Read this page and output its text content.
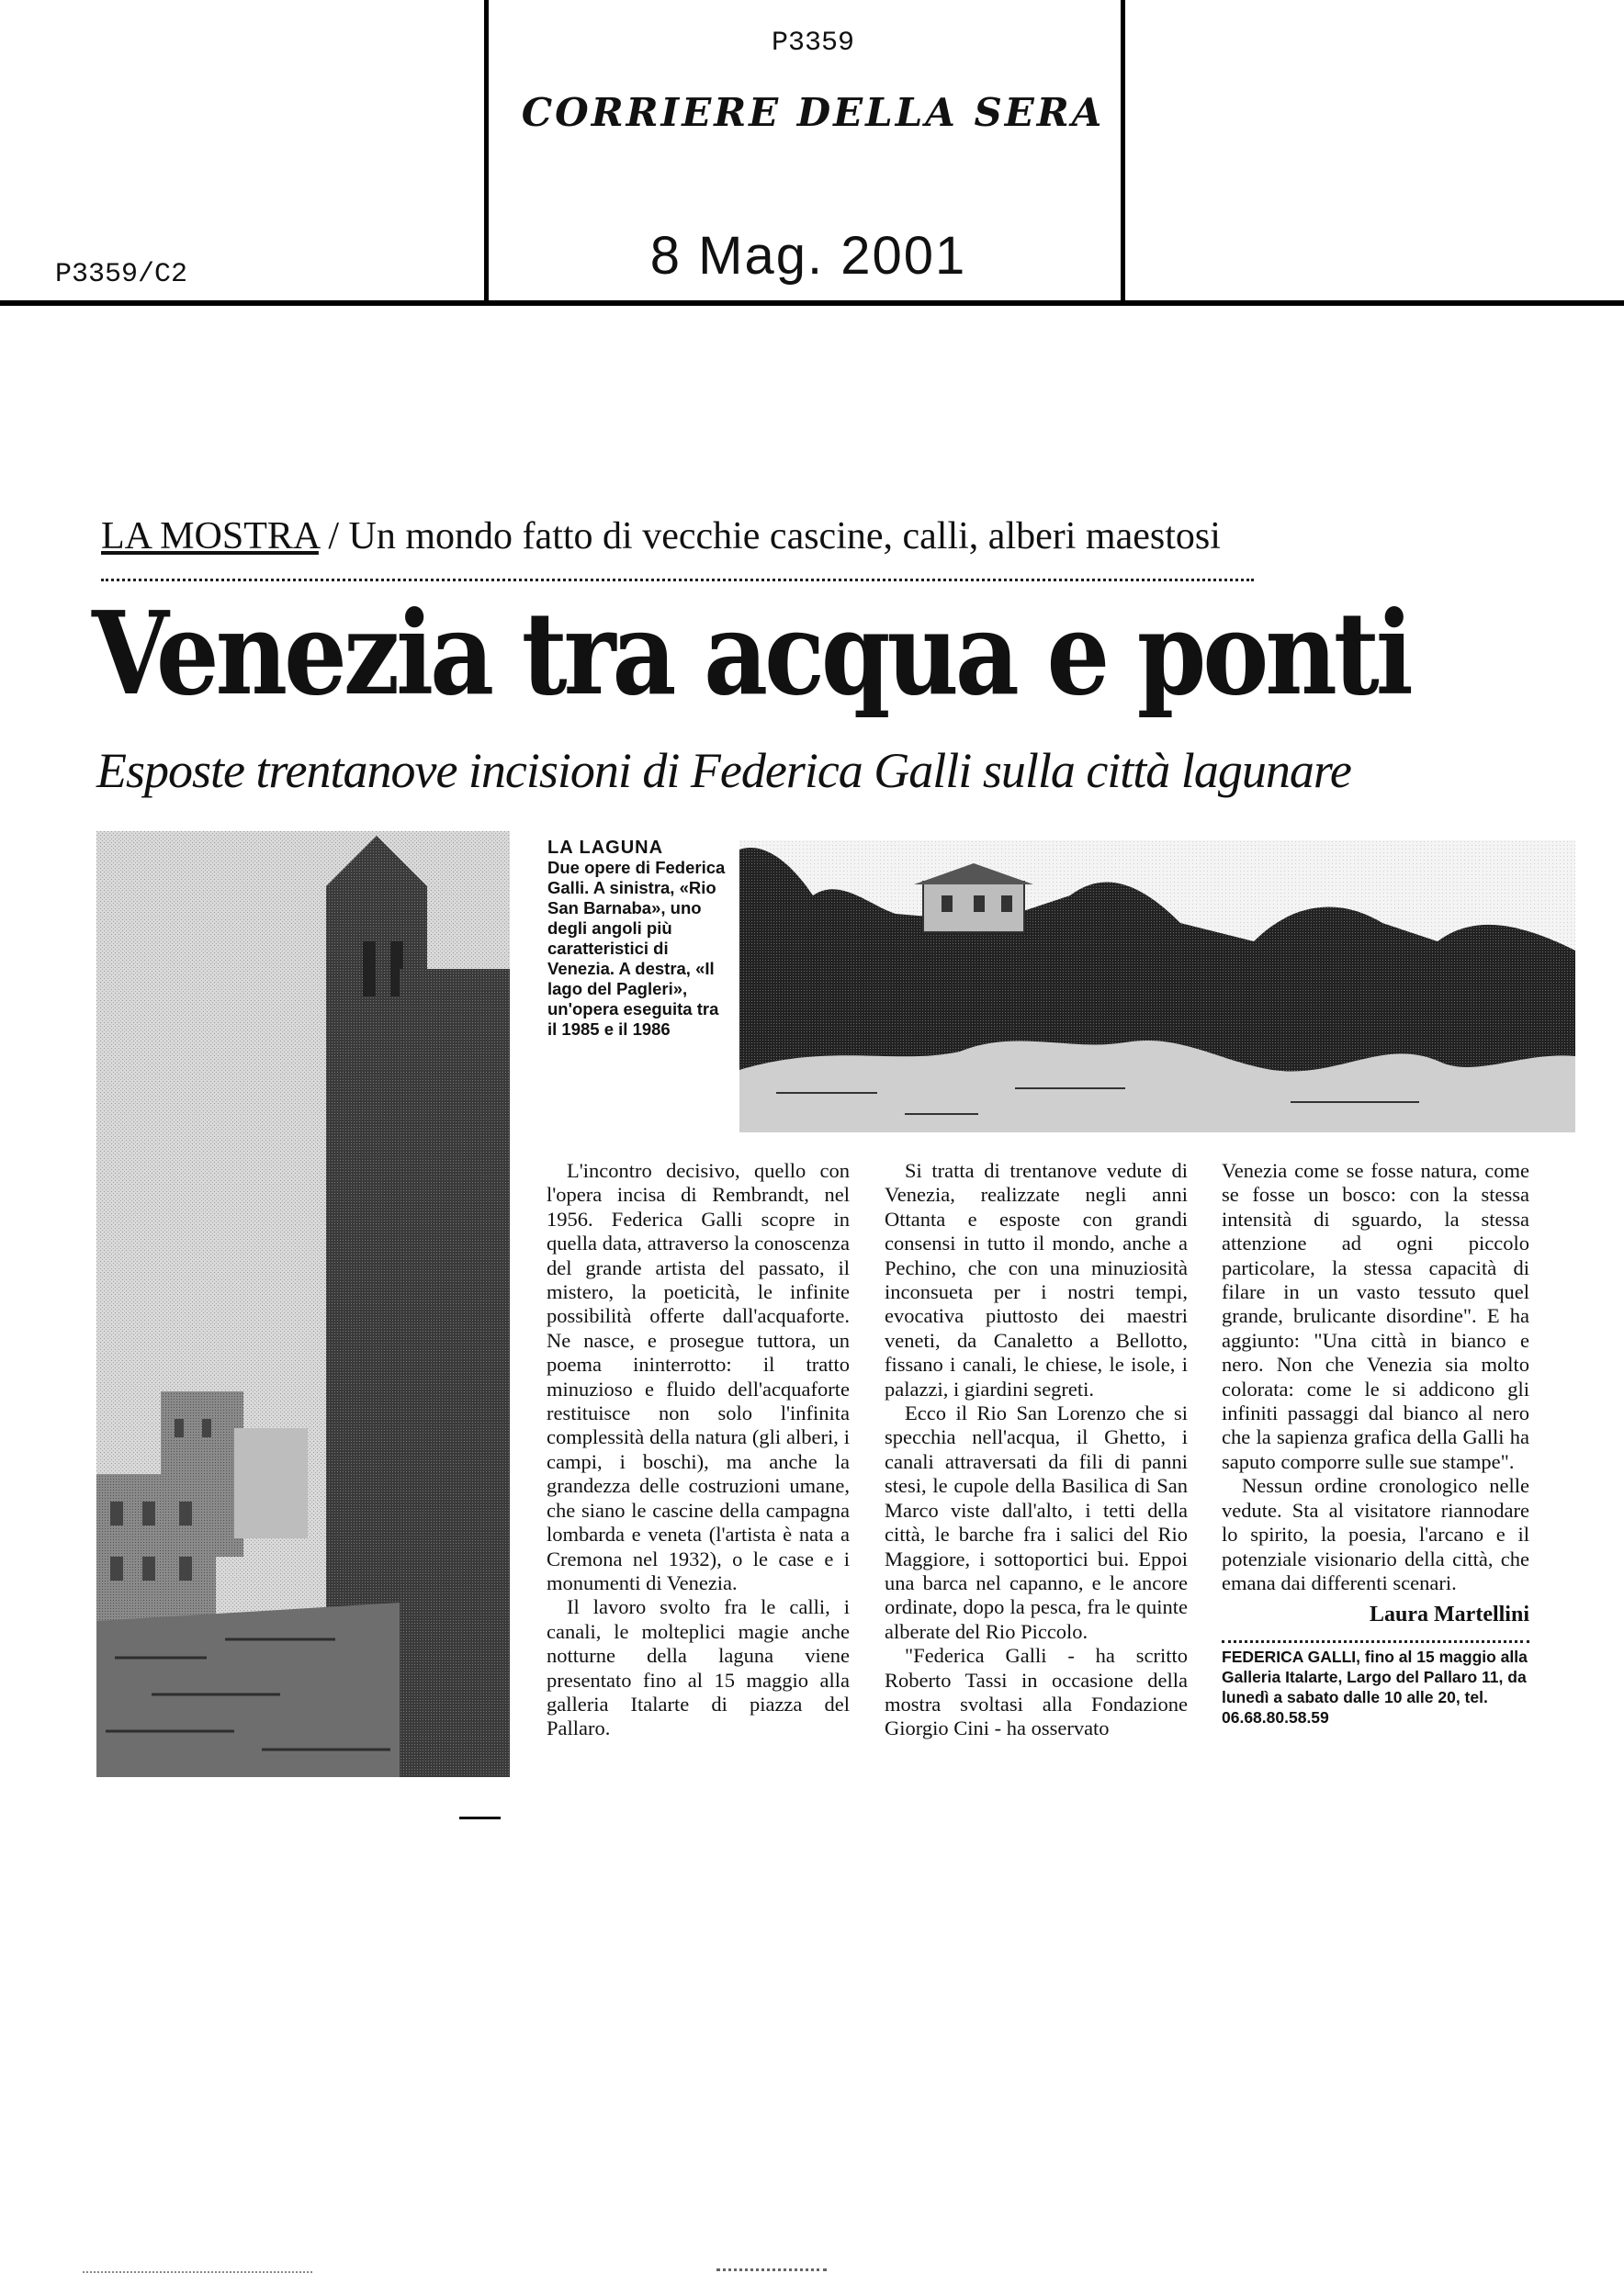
P3359
CORRIERE DELLA SERA
8 Mag. 2001
P3359/C2
LA MOSTRA / Un mondo fatto di vecchie cascine, calli, alberi maestosi
Venezia tra acqua e ponti
Esposte trentanove incisioni di Federica Galli sulla città lagunare
LA LAGUNA
Due opere di Federica Galli. A sinistra, «Rio San Barnaba», uno degli angoli più caratteristici di Venezia. A destra, «Il lago del Pagleri», un'opera eseguita tra il 1985 e il 1986

L'incontro decisivo, quello con l'opera incisa di Rembrandt, nel 1956. Federica Galli scopre in quella data, attraverso la conoscenza del grande artista del passato, il mistero, la poeticità, le infinite possibilità offerte dall'acquaforte. Ne nasce, e prosegue tuttora, un poema ininterrotto: il tratto minuzioso e fluido dell'acquaforte restituisce non solo l'infinita complessità della natura (gli alberi, i campi, i boschi), ma anche la grandezza delle costruzioni umane, che siano le cascine della campagna lombarda e veneta (l'artista è nata a Cremona nel 1932), o le case e i monumenti di Venezia.

Il lavoro svolto fra le calli, i canali, le molteplici magie anche notturne della laguna viene presentato fino al 15 maggio alla galleria Italarte di piazza del Pallaro.

Si tratta di trentanove vedute di Venezia, realizzate negli anni Ottanta e esposte con grandi consensi in tutto il mondo, anche a Pechino, che con una minuziosità inconsueta per i nostri tempi, evocativa piuttosto dei maestri veneti, da Canaletto a Bellotto, fissano i canali, le chiese, le isole, i palazzi, i giardini segreti.

Ecco il Rio San Lorenzo che si specchia nell'acqua, il Ghetto, i canali attraversati da fili di panni stesi, le cupole della Basilica di San Marco viste dall'alto, i tetti della città, le barche fra i salici del Rio Maggiore, i sottoportici bui. Eppoi una barca nel capanno, e le ancore ordinate, dopo la pesca, fra le quinte alberate del Rio Piccolo.

"Federica Galli - ha scritto Roberto Tassi in occasione della mostra svoltasi alla Fondazione Giorgio Cini - ha osservato

Venezia come se fosse natura, come se fosse un bosco: con la stessa intensità di sguardo, la stessa attenzione ad ogni piccolo particolare, la stessa capacità di filare in un vasto tessuto quel grande, brulicante disordine". E ha aggiunto: "Una città in bianco e nero. Non che Venezia sia molto colorata: come le si addicono gli infiniti passaggi dal bianco al nero che la sapienza grafica della Galli ha saputo comporre sulle sue stampe".

Nessun ordine cronologico nelle vedute. Sta al visitatore riannodare lo spirito, la poesia, l'arcano e il potenziale visionario della città, che emana dai differenti scenari.

Laura Martellini
FEDERICA GALLI, fino al 15 maggio alla Galleria Italarte, Largo del Pallaro 11, da lunedì a sabato dalle 10 alle 20, tel. 06.68.80.58.59
